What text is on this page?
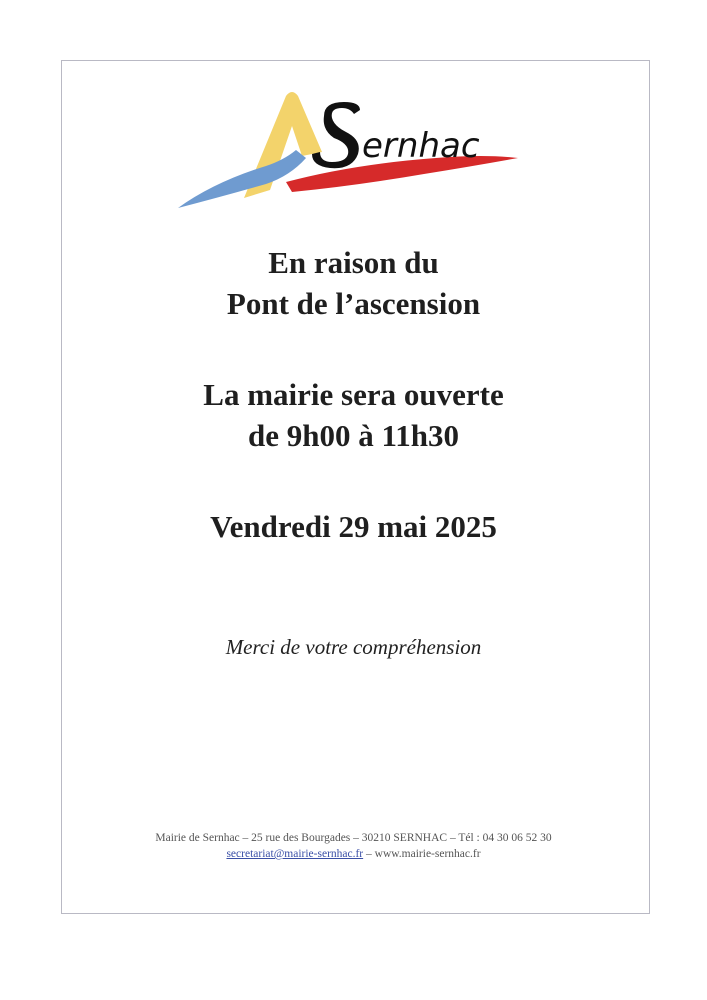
ernhac

En raison du

Pont de l’ascension

La mairie sera ouverte

de 9h00 à 11h30

Vendredi 29 mai 2025

Merci de votre compréhension
Mairie de Sernhac – 25 rue des Bourgades – 30210 SERNHAC – Tél : 04 30 06 52 30
secretariat@mairie-sernhac.fr – www.mairie-sernhac.fr
